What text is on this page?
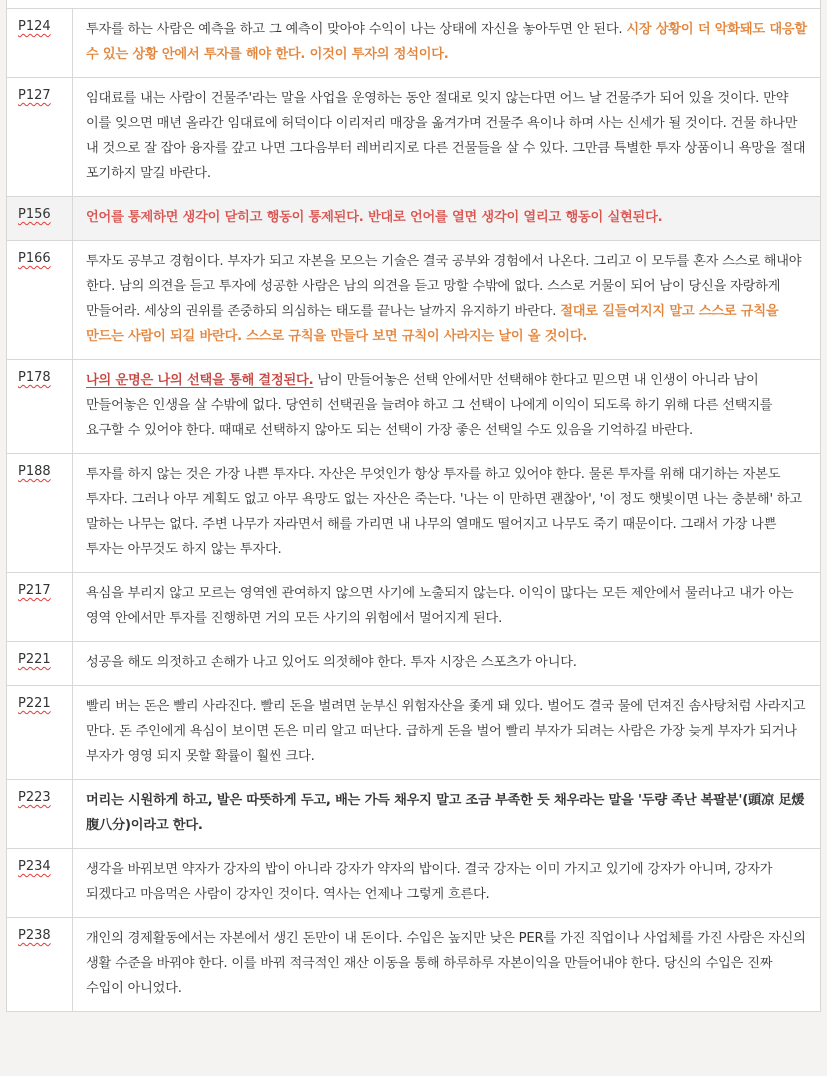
P124	투자를 하는 사람은 예측을 하고 그 예측이 맞아야 수익이 나는 상태에 자신을 놓아두면 안 된다. 시장 상황이 더 악화돼도 대응할 수 있는 상황 안에서 투자를 해야 한다. 이것이 투자의 정석이다.
P127	임대료를 내는 사람이 건물주'라는 말을 사업을 운영하는 동안 절대로 잊지 않는다면 어느 날 건물주가 되어 있을 것이다. 만약 이를 잊으면 매년 올라간 임대료에 허덕이다 이리저리 매장을 옮겨가며 건물주 욕이나 하며 사는 신세가 될 것이다. 건물 하나만 내 것으로 잘 잡아 융자를 갚고 나면 그다음부터 레버리지로 다른 건물들을 살 수 있다. 그만큼 특별한 투자 상품이니 욕망을 절대 포기하지 말길 바란다.
P156	언어를 통제하면 생각이 닫히고 행동이 통제된다. 반대로 언어를 열면 생각이 열리고 행동이 실현된다.
P166	투자도 공부고 경험이다. 부자가 되고 자본을 모으는 기술은 결국 공부와 경험에서 나온다. 그리고 이 모두를 혼자 스스로 해내야 한다. 남의 의견을 듣고 투자에 성공한 사람은 남의 의견을 듣고 망할 수밖에 없다. 스스로 거물이 되어 남이 당신을 자랑하게 만들어라. 세상의 권위를 존중하되 의심하는 태도를 끝나는 날까지 유지하기 바란다. 절대로 길들여지지 말고 스스로 규칙을 만드는 사람이 되길 바란다. 스스로 규칙을 만들다 보면 규칙이 사라지는 날이 올 것이다.
P178	나의 운명은 나의 선택을 통해 결정된다. 남이 만들어놓은 선택 안에서만 선택해야 한다고 믿으면 내 인생이 아니라 남이 만들어놓은 인생을 살 수밖에 없다. 당연히 선택권을 늘려야 하고 그 선택이 나에게 이익이 되도록 하기 위해 다른 선택지를 요구할 수 있어야 한다. 때때로 선택하지 않아도 되는 선택이 가장 좋은 선택일 수도 있음을 기억하길 바란다.
P188	투자를 하지 않는 것은 가장 나쁜 투자다. 자산은 무엇인가 항상 투자를 하고 있어야 한다. 물론 투자를 위해 대기하는 자본도 투자다. 그러나 아무 계획도 없고 아무 욕망도 없는 자산은 죽는다. '나는 이 만하면 괜찮아', '이 정도 햇빛이면 나는 충분해' 하고 말하는 나무는 없다. 주변 나무가 자라면서 해를 가리면 내 나무의 열매도 떨어지고 나무도 죽기 때문이다. 그래서 가장 나쁜 투자는 아무것도 하지 않는 투자다.
P217	욕심을 부리지 않고 모르는 영역엔 관여하지 않으면 사기에 노출되지 않는다. 이익이 많다는 모든 제안에서 물러나고 내가 아는 영역 안에서만 투자를 진행하면 거의 모든 사기의 위험에서 멀어지게 된다.
P221	성공을 해도 의젓하고 손해가 나고 있어도 의젓해야 한다. 투자 시장은 스포츠가 아니다.
P221	빨리 버는 돈은 빨리 사라진다. 빨리 돈을 벌려면 눈부신 위험자산을 좇게 돼 있다. 벌어도 결국 물에 던져진 솜사탕처럼 사라지고 만다. 돈 주인에게 욕심이 보이면 돈은 미리 알고 떠난다. 급하게 돈을 벌어 빨리 부자가 되려는 사람은 가장 늦게 부자가 되거나 부자가 영영 되지 못할 확률이 훨씬 크다.
P223	머리는 시원하게 하고, 발은 따뜻하게 두고, 배는 가득 채우지 말고 조금 부족한 듯 채우라는 말을 '두량 족난 복팔분'(頭凉 足煖 腹八分)이라고 한다.
P234	생각을 바꿔보면 약자가 강자의 밥이 아니라 강자가 약자의 밥이다. 결국 강자는 이미 가지고 있기에 강자가 아니며, 강자가 되겠다고 마음먹은 사람이 강자인 것이다. 역사는 언제나 그렇게 흐른다.
P238	개인의 경제활동에서는 자본에서 생긴 돈만이 내 돈이다. 수입은 높지만 낮은 PER를 가진 직업이나 사업체를 가진 사람은 자신의 생활 수준을 바꿔야 한다. 이를 바꿔 적극적인 재산 이동을 통해 하루하루 자본이익을 만들어내야 한다. 당신의 수입은 진짜 수입이 아니었다.
